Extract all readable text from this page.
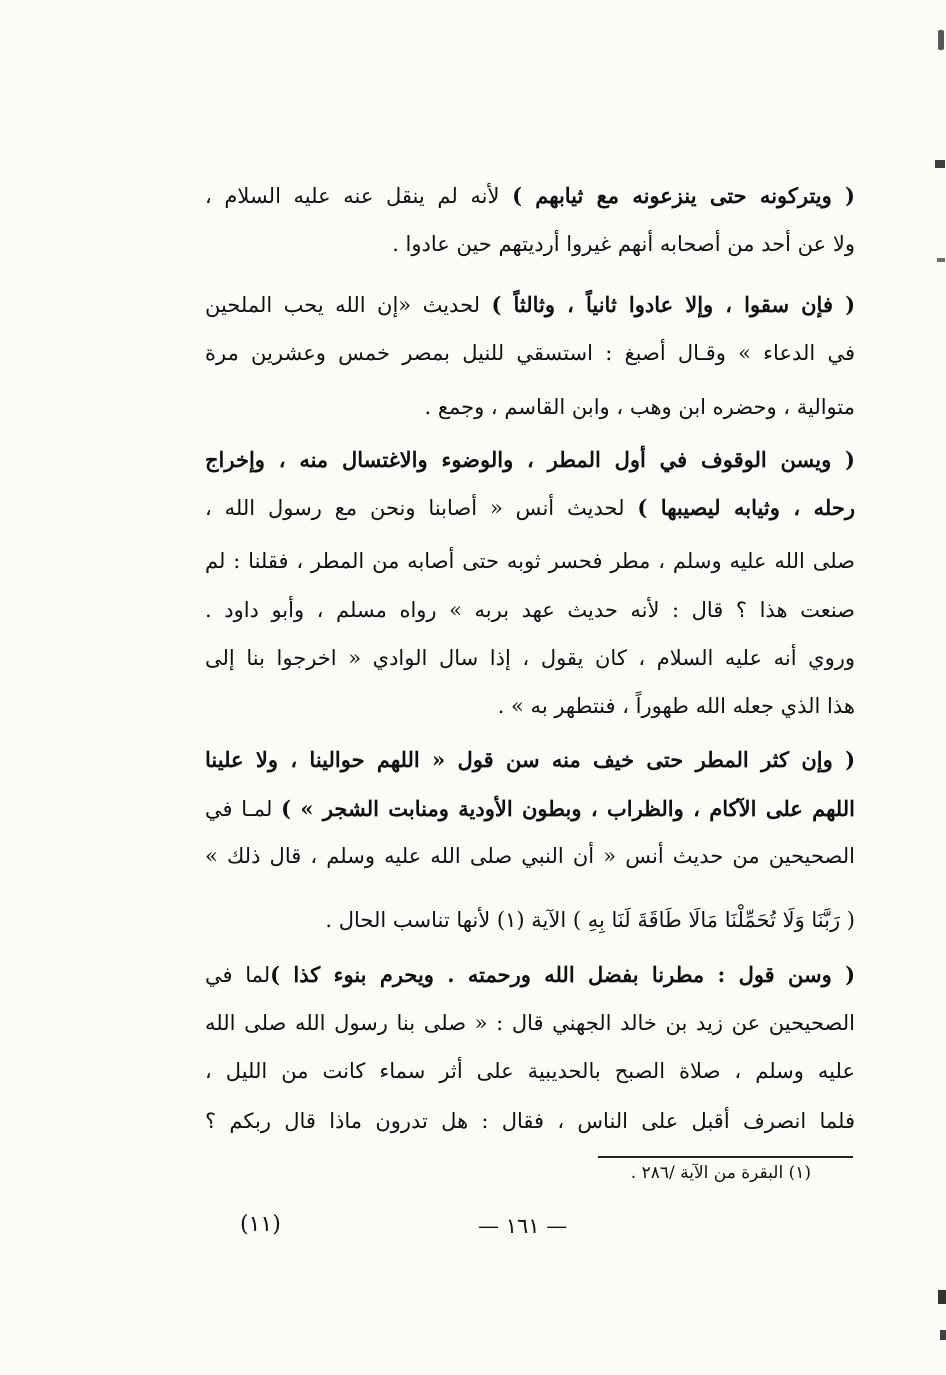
( ويتركونه حتى ينزعونه مع ثيابهم ) لأنه لم ينقل عنه عليه السلام ،
ولا عن أحد من أصحابه أنهم غيروا أرديتهم حين عادوا .
( فإن سقوا ، وإلا عادوا ثانياً ، وثالثاً ) لحديث «إن الله يحب الملحين
في الدعاء » وقـال أصبغ : استسقي للنيل بمصر خمس وعشرين مرة
متوالية ، وحضره ابن وهب ، وابن القاسم ، وجمع .
( ويسن الوقوف في أول المطر ، والوضوء والاغتسال منه ، وإخراج
رحله ، وثيابه ليصيبها ) لحديث أنس « أصابنا ونحن مع رسول الله ،
صلى الله عليه وسلم ، مطر فحسر ثوبه حتى أصابه من المطر ، فقلنا : لم
صنعت هذا ؟ قال : لأنه حديث عهد بربه » رواه مسلم ، وأبو داود .
وروي أنه عليه السلام ، كان يقول ، إذا سال الوادي « اخرجوا بنا إلى
هذا الذي جعله الله طهوراً ، فنتطهر به » .
( وإن كثر المطر حتى خيف منه سن قول « اللهم حوالينا ، ولا علينا
اللهم على الآكام ، والظراب ، وبطون الأودية ومنابت الشجر » ) لمـا في
الصحيحين من حديث أنس « أن النبي صلى الله عليه وسلم ، قال ذلك »
( رَبَّنَا وَلَا تُحَمِّلْنَا مَالَا طَاقَةَ لَنَا بِهِ ) الآية (١) لأنها تناسب الحال .
( وسن قول : مطرنا بفضل الله ورحمته . ويحرم بنوء كذا )لما في
الصحيحين عن زيد بن خالد الجهني قال : « صلى بنا رسول الله صلى الله
عليه وسلم ، صلاة الصبح بالحديبية على أثر سماء كانت من الليل ،
فلما انصرف أقبل على الناس ، فقال : هل تدرون ماذا قال ربكم ؟
(١) البقرة من الآية /٢٨٦ .
— ١٦١ —
(١١)
